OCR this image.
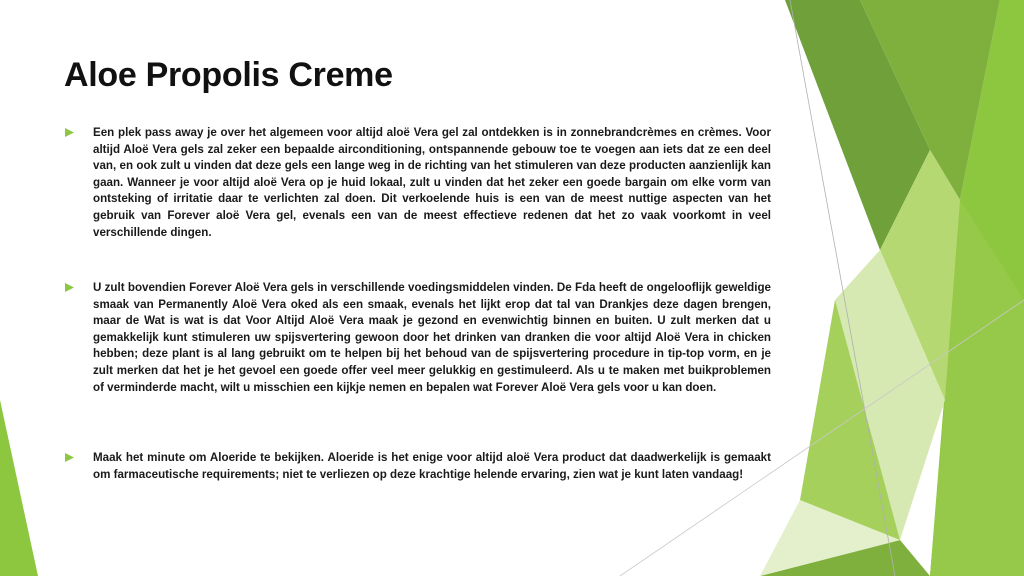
Aloe Propolis Creme

Een plek pass away je over het algemeen voor altijd aloë Vera gel zal ontdekken is in zonnebrandcrèmes en crèmes. Voor altijd Aloë Vera gels zal zeker een bepaalde airconditioning, ontspannende gebouw toe te voegen aan iets dat ze een deel van, en ook zult u vinden dat deze gels een lange weg in de richting van het stimuleren van deze producten aanzienlijk kan gaan. Wanneer je voor altijd aloë Vera op je huid lokaal, zult u vinden dat het zeker een goede bargain om elke vorm van ontsteking of irritatie daar te verlichten zal doen. Dit verkoelende huis is een van de meest nuttige aspecten van het gebruik van Forever aloë Vera gel, evenals een van de meest effectieve redenen dat het zo vaak voorkomt in veel verschillende dingen.

U zult bovendien Forever Aloë Vera gels in verschillende voedingsmiddelen vinden. De Fda heeft de ongelooflijk geweldige smaak van Permanently Aloë Vera oked als een smaak, evenals het lijkt erop dat tal van Drankjes deze dagen brengen, maar de Wat is wat is dat Voor Altijd Aloë Vera maak je gezond en evenwichtig binnen en buiten. U zult merken dat u gemakkelijk kunt stimuleren uw spijsvertering gewoon door het drinken van dranken die voor altijd Aloë Vera in chicken hebben; deze plant is al lang gebruikt om te helpen bij het behoud van de spijsvertering procedure in tip-top vorm, en je zult merken dat het je het gevoel een goede offer veel meer gelukkig en gestimuleerd. Als u te maken met buikproblemen of verminderde macht, wilt u misschien een kijkje nemen en bepalen wat Forever Aloë Vera gels voor u kan doen.

Maak het minute om Aloeride te bekijken. Aloeride is het enige voor altijd aloë Vera product dat daadwerkelijk is gemaakt om farmaceutische requirements; niet te verliezen op deze krachtige helende ervaring, zien wat je kunt laten vandaag!
